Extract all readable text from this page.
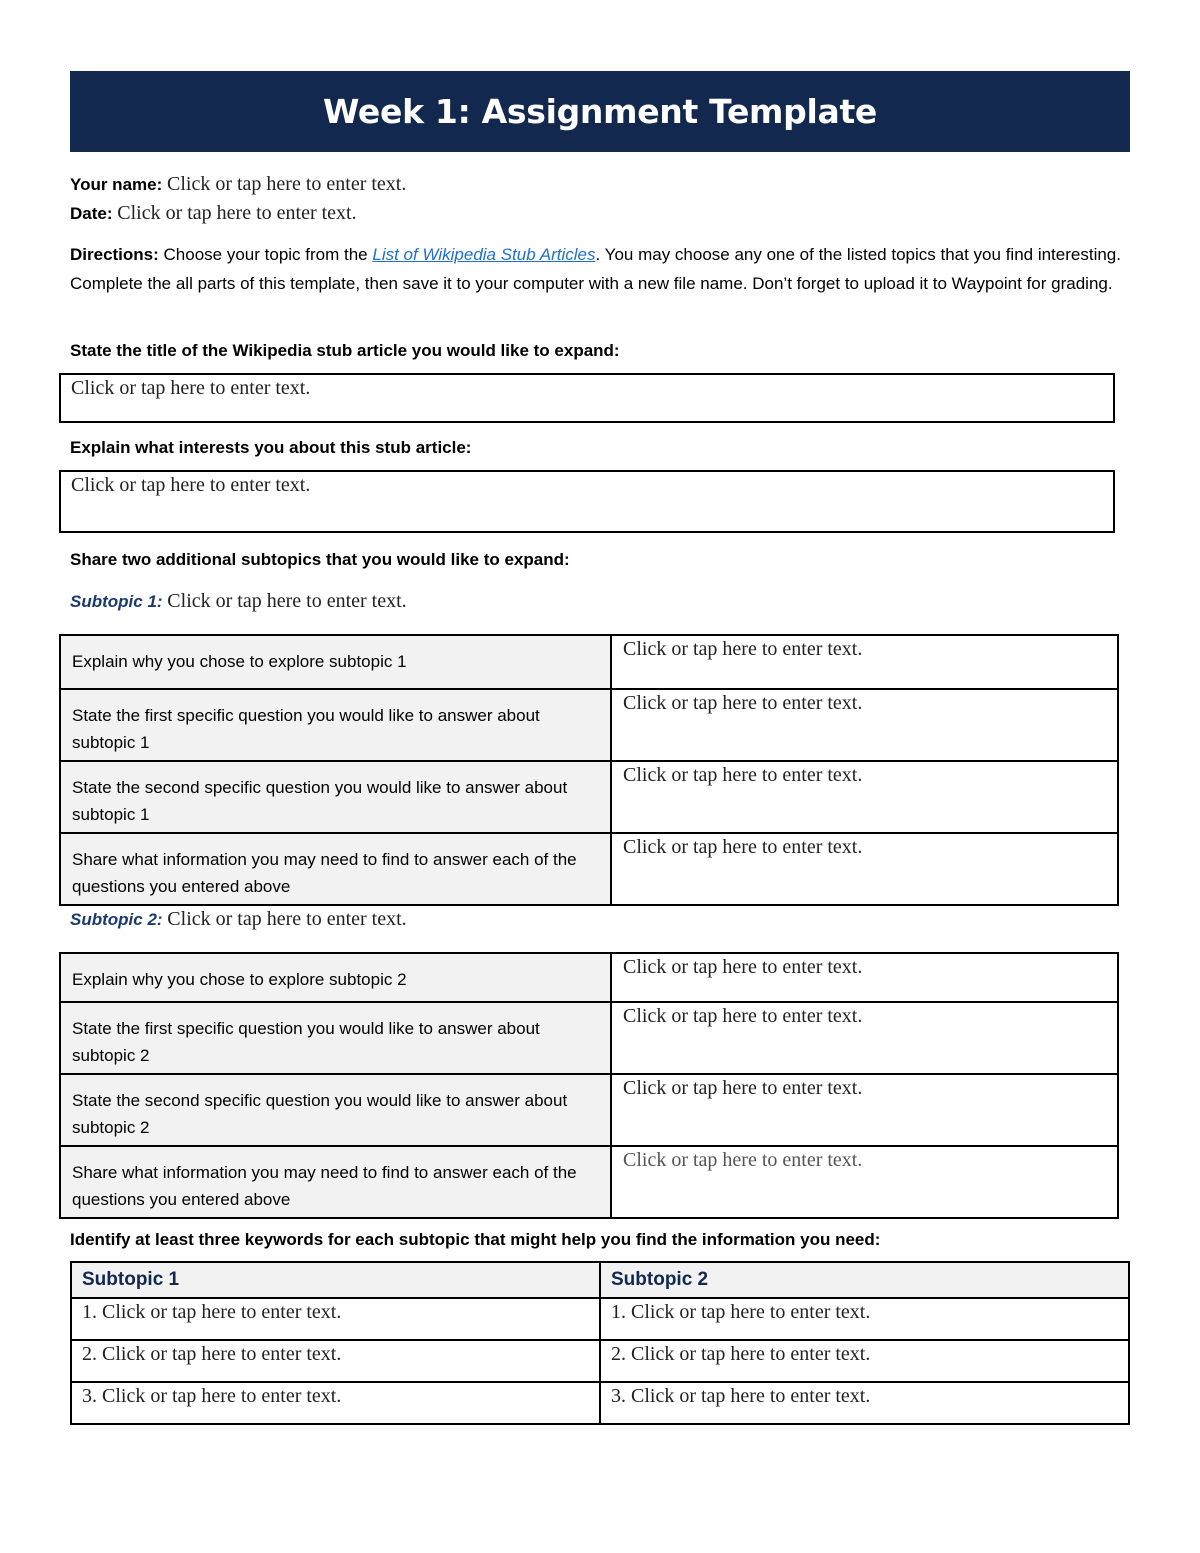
Week 1: Assignment Template
Your name: Click or tap here to enter text.
Date: Click or tap here to enter text.
Directions: Choose your topic from the List of Wikipedia Stub Articles. You may choose any one of the listed topics that you find interesting. Complete the all parts of this template, then save it to your computer with a new file name. Don’t forget to upload it to Waypoint for grading.
State the title of the Wikipedia stub article you would like to expand:
Click or tap here to enter text.
Explain what interests you about this stub article:
Click or tap here to enter text.
Share two additional subtopics that you would like to expand:
Subtopic 1: Click or tap here to enter text.
Explain why you chose to explore subtopic 1	Click or tap here to enter text.
State the first specific question you would like to answer about subtopic 1	Click or tap here to enter text.
State the second specific question you would like to answer about subtopic 1	Click or tap here to enter text.
Share what information you may need to find to answer each of the questions you entered above	Click or tap here to enter text.
Subtopic 2: Click or tap here to enter text.
Explain why you chose to explore subtopic 2	Click or tap here to enter text.
State the first specific question you would like to answer about subtopic 2	Click or tap here to enter text.
State the second specific question you would like to answer about subtopic 2	Click or tap here to enter text.
Share what information you may need to find to answer each of the questions you entered above	Click or tap here to enter text.
Identify at least three keywords for each subtopic that might help you find the information you need:
Subtopic 1	Subtopic 2
1. Click or tap here to enter text.	1. Click or tap here to enter text.
2. Click or tap here to enter text.	2. Click or tap here to enter text.
3. Click or tap here to enter text.	3. Click or tap here to enter text.
